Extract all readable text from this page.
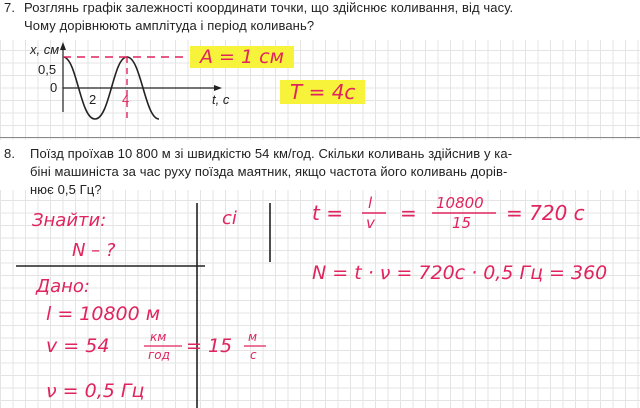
7. Розглянь графік залежності координати точки, що здійснює коливання, від часу.
Чому дорівнюють амплітуда і період коливань?
x, см
0,5
0
2 4	t, c
A = 1 см
T = 4c
8. Поїзд проїхав 10 800 м зі швидкістю 54 км/год. Скільки коливань здійснив у ка-
біні машиніста за час руху поїзда маятник, якщо частота його коливань дорів-
нює 0,5 Гц?
Знайти:
N – ?
сі
Дано:
l = 10800 м
v = 54	км
год = 15 м
с
ν = 0,5 Гц
t = l
v = 10800
15 = 720 с
N = t · ν = 720с · 0,5 Гц = 360
